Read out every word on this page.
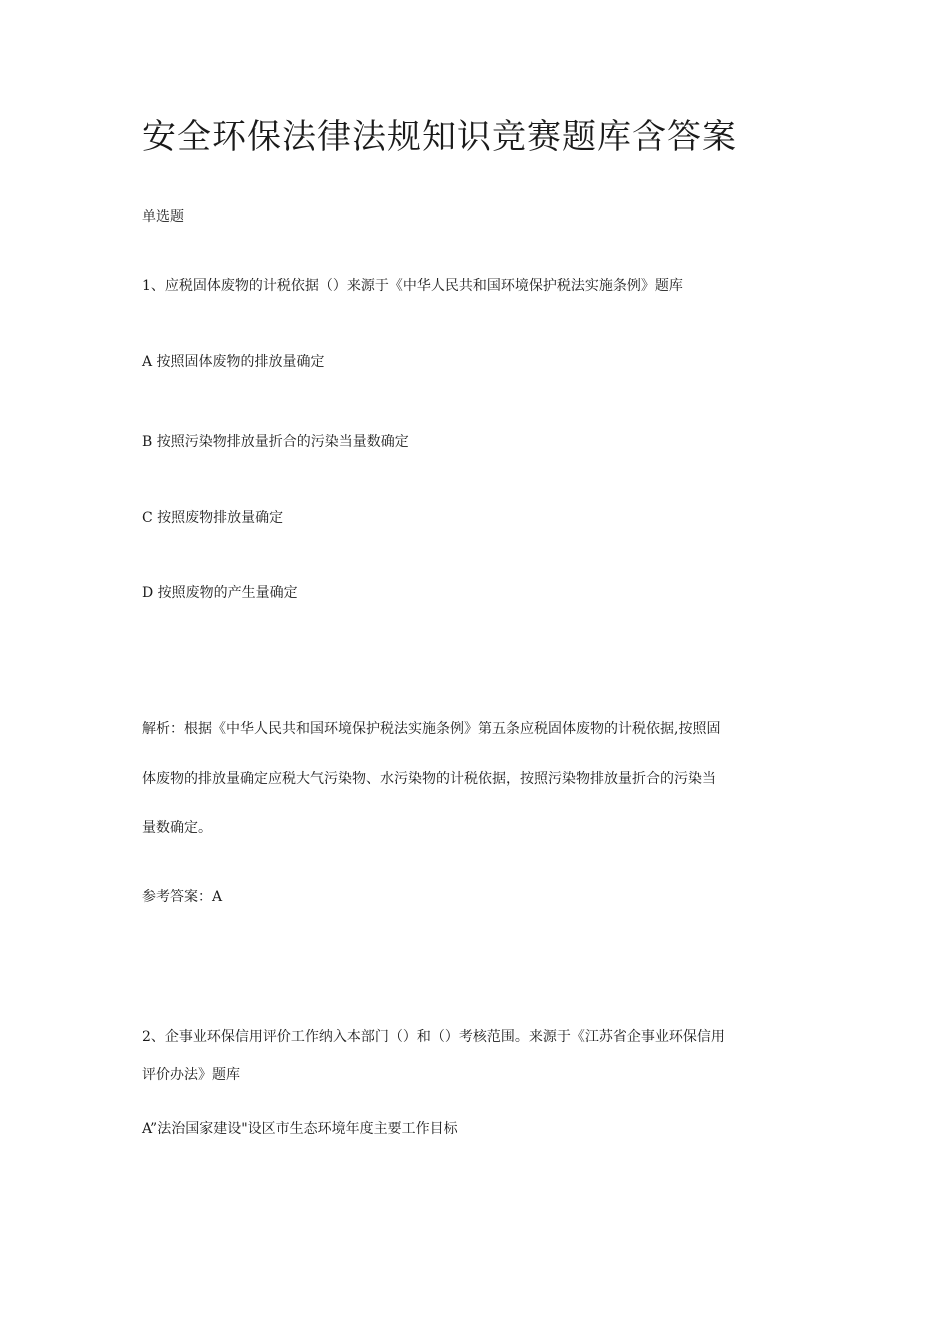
安全环保法律法规知识竞赛题库含答案

单选题

1、应税固体废物的计税依据（）来源于《中华人民共和国环境保护税法实施条例》题库

A 按照固体废物的排放量确定

B 按照污染物排放量折合的污染当量数确定

C 按照废物排放量确定

D 按照废物的产生量确定

解析：根据《中华人民共和国环境保护税法实施条例》第五条应税固体废物的计税依据,按照固

体废物的排放量确定应税大气污染物、水污染物的计税依据，按照污染物排放量折合的污染当

量数确定。

参考答案：A

2、企事业环保信用评价工作纳入本部门（）和（）考核范围。来源于《江苏省企事业环保信用

评价办法》题库

A”法治国家建设"设区市生态环境年度主要工作目标
